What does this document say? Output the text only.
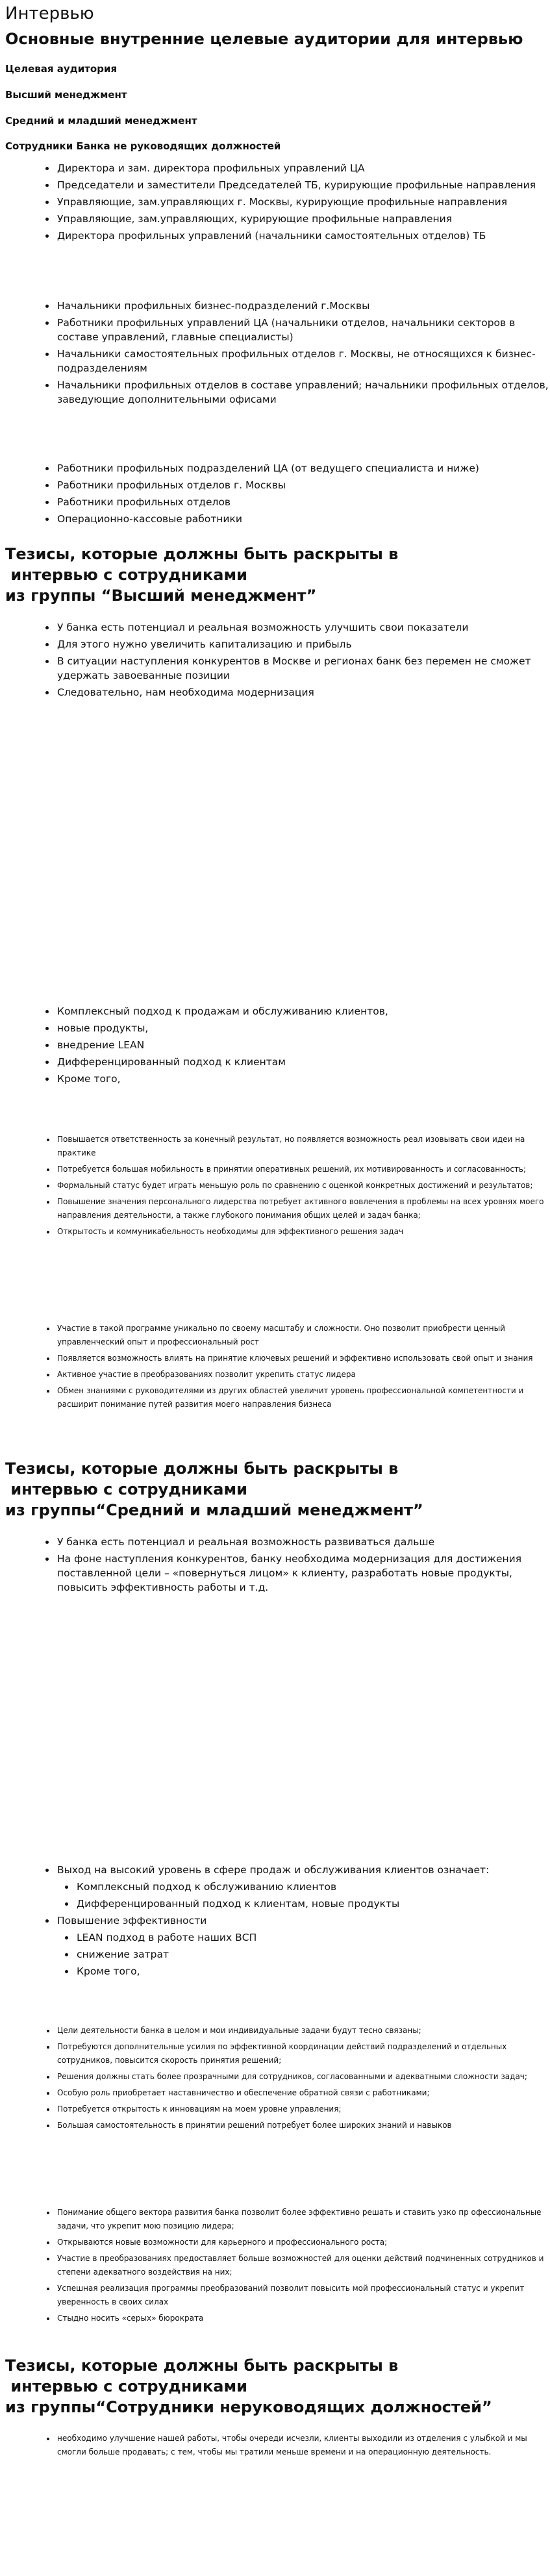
Интервью
Основные внутренние целевые аудитории для интервью

Целевая аудитория

Высший менеджмент

Средний и младший менеджмент

Сотрудники Банка не руководящих должностей

• Директора и зам. директора профильных управлений ЦА
• Председатели и заместители Председателей ТБ, курирующие профильные направления
• Управляющие, зам.управляющих г. Москвы, курирующие профильные направления
• Управляющие, зам.управляющих, курирующие профильные направления
• Директора профильных управлений (начальники самостоятельных отделов) ТБ
• Начальники профильных бизнес-подразделений г.Москвы
• Работники профильных управлений ЦА (начальники отделов, начальники секторов в составе управлений, главные специалисты)
• Начальники самостоятельных профильных отделов г. Москвы, не относящихся к бизнес-подразделениям
• Начальники профильных отделов в составе управлений; начальники профильных отделов, заведующие дополнительными офисами
• Работники профильных подразделений ЦА (от ведущего специалиста и ниже)
• Работники профильных отделов г. Москвы
• Работники профильных отделов
• Операционно-кассовые работники
Тезисы, которые должны быть раскрыты в
интервью с сотрудниками
из группы “Высший менеджмент”
• У банка есть потенциал и реальная возможность улучшить свои показатели
• Для этого нужно увеличить капитализацию и прибыль
• В ситуации наступления конкурентов в Москве и регионах банк без перемен не сможет удержать завоеванные позиции
• Следовательно, нам необходима модернизация
• Комплексный подход к продажам и обслуживанию клиентов,
• новые продукты,
• внедрение LEAN
• Дифференцированный подход к клиентам
• Кроме того,
• Повышается ответственность за конечный результат, но появляется возможность реал изовывать свои идеи на практике
• Потребуется большая мобильность в принятии оперативных решений, их мотивированность и согласованность;
• Формальный статус будет играть меньшую роль по сравнению с оценкой конкретных достижений и результатов;
• Повышение значения персонального лидерства потребует активного вовлечения в проблемы на всех уровнях моего направления деятельности, а также глубокого понимания общих целей и задач банка;
• Открытость и коммуникабельность необходимы для эффективного решения задач
• Участие в такой программе уникально по своему масштабу и сложности. Оно позволит приобрести ценный управленческий опыт и профессиональный рост
• Появляется возможность влиять на принятие ключевых решений и эффективно использовать свой опыт и знания
• Активное участие в преобразованиях позволит укрепить статус лидера
• Обмен знаниями с руководителями из других областей увеличит уровень профессиональной компетентности и расширит понимание путей развития моего направления бизнеса
Тезисы, которые должны быть раскрыты в
интервью с сотрудниками
из группы“Средний и младший менеджмент”
• У банка есть потенциал и реальная возможность развиваться дальше
• На фоне наступления конкурентов, банку необходима модернизация для достижения поставленной цели – «повернуться лицом» к клиенту, разработать новые продукты, повысить эффективность работы и т.д.
• Выход на высокий уровень в сфере продаж и обслуживания клиентов означает:
• Комплексный подход к обслуживанию клиентов
• Дифференцированный подход к клиентам, новые продукты
• Повышение эффективности
• LEAN подход в работе наших ВСП
• снижение затрат
• Кроме того,
• Цели деятельности банка в целом и мои индивидуальные задачи будут тесно связаны;
• Потребуются дополнительные усилия по эффективной координации действий подразделений и отдельных сотрудников, повысится скорость принятия решений;
• Решения должны стать более прозрачными для сотрудников, согласованными и адекватными сложности задач;
• Особую роль приобретает наставничество и обеспечение обратной связи с работниками;
• Потребуется открытость к инновациям на моем уровне управления;
• Большая самостоятельность в принятии решений потребует более широких знаний и навыков
• Понимание общего вектора развития банка позволит более эффективно решать и ставить узко пр офессиональные задачи, что укрепит мою позицию лидера;
• Открываются новые возможности для карьерного и профессионального роста;
• Участие в преобразованиях предоставляет больше возможностей для оценки действий подчиненных сотрудников и степени адекватного воздействия на них;
• Успешная реализация программы преобразований позволит повысить мой профессиональный статус и укрепит уверенность в своих силах
• Стыдно носить «серых» бюрократа
Тезисы, которые должны быть раскрыты в
интервью с сотрудниками
из группы“Сотрудники неруководящих должностей”
• необходимо улучшение нашей работы, чтобы очереди исчезли, клиенты выходили из отделения с улыбкой и мы смогли больше продавать; с тем, чтобы мы тратили меньше времени и на операционную деятельность.
